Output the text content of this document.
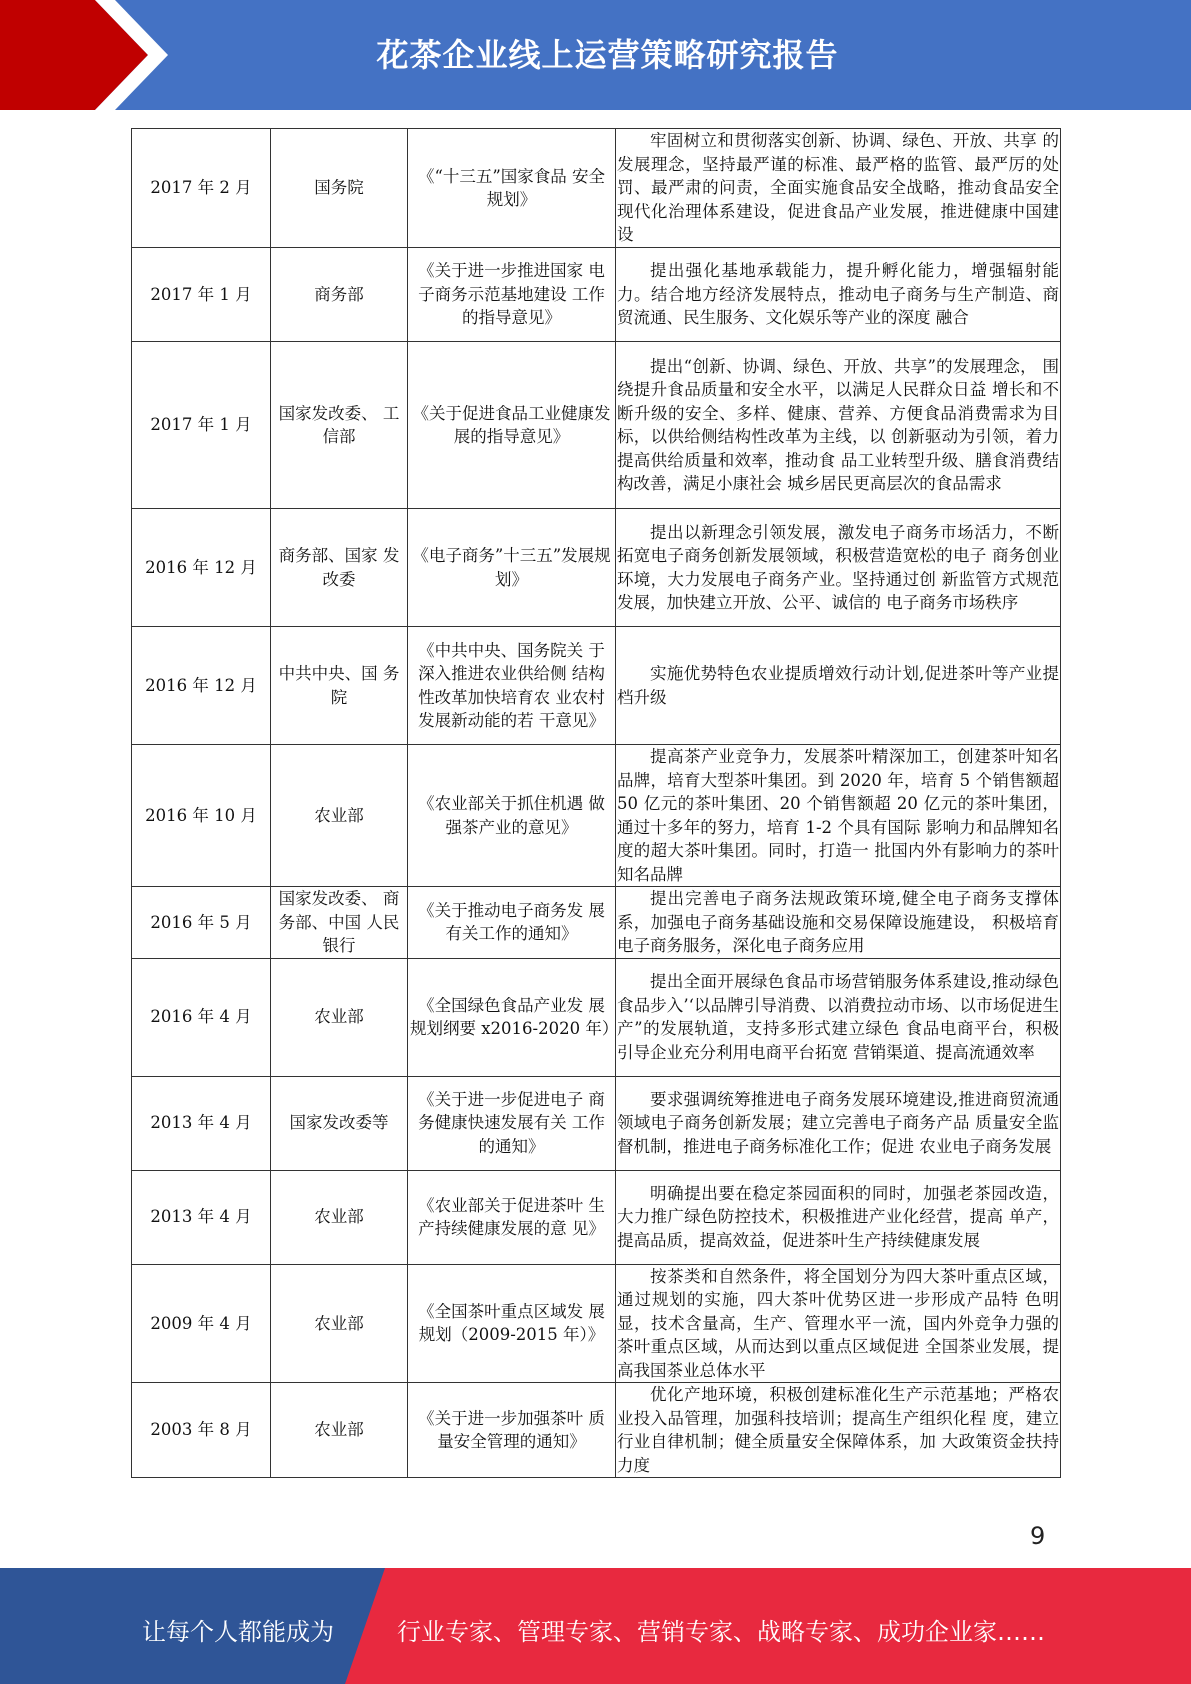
花茶企业线上运营策略研究报告
2017 年 2 月	国务院	《“十三五”国家食品 安全规划》	牢固树立和贯彻落实创新、协调、绿色、开放、共享 的发展理念，坚持最严谨的标准、最严格的监管、最严厉的处罚、最严肃的问责，全面实施食品安全战略，推动食品安全现代化治理体系建设，促进食品产业发展，推进健康中国建设
2017 年 1 月	商务部	《关于进一步推进国家 电子商务示范基地建设 工作的指导意见》	提出强化基地承载能力，提升孵化能力，增强辐射能 力。结合地方经济发展特点，推动电子商务与生产制造、商贸流通、民生服务、文化娱乐等产业的深度 融合
2017 年 1 月	国家发改委、 工信部	《关于促进食品工业健康发展的指导意见》	提出“创新、协调、绿色、开放、共享”的发展理念， 围绕提升食品质量和安全水平，以满足人民群众日益 增长和不断升级的安全、多样、健康、营养、方便食品消费需求为目标，以供给侧结构性改革为主线，以 创新驱动为引领，着力提高供给质量和效率，推动食 品工业转型升级、膳食消费结构改善，满足小康社会 城乡居民更高层次的食品需求
2016 年 12 月	商务部、国家 发改委	《电子商务”十三五”发展规划》	提出以新理念引领发展，激发电子商务市场活力，不断拓宽电子商务创新发展领域，积极营造宽松的电子 商务创业环境，大力发展电子商务产业。坚持通过创 新监管方式规范发展，加快建立开放、公平、诚信的 电子商务市场秩序
2016 年 12 月	中共中央、国 务院	《中共中央、国务院关 于深入推进农业供给侧 结构性改革加快培育农 业农村发展新动能的若 干意见》	实施优势特色农业提质增效行动计划,促进茶叶等产业提档升级
2016 年 10 月	农业部	《农业部关于抓住机遇 做强茶产业的意见》	提高茶产业竞争力，发展茶叶精深加工，创建茶叶知名品牌，培育大型茶叶集团。到 2020 年，培育 5 个销售额超 50 亿元的茶叶集团、20 个销售额超 20 亿元的茶叶集团，通过十多年的努力，培育 1-2 个具有国际 影响力和品牌知名度的超大茶叶集团。同时，打造一 批国内外有影响力的茶叶知名品牌
2016 年 5 月	国家发改委、 商务部、中国 人民银行	《关于推动电子商务发 展有关工作的通知》	提出完善电子商务法规政策环境,健全电子商务支撑体系，加强电子商务基础设施和交易保障设施建设， 积极培育电子商务服务，深化电子商务应用
2016 年 4 月	农业部	《全国绿色食品产业发 展规划纲要 x2016-2020 年）	提出全面开展绿色食品市场营销服务体系建设,推动绿色食品步入’‘以品牌引导消费、以消费拉动市场、以市场促进生产”的发展轨道，支持多形式建立绿色 食品电商平台，积极引导企业充分利用电商平台拓宽 营销渠道、提高流通效率
2013 年 4 月	国家发改委等	《关于进一步促进电子 商务健康快速发展有关 工作的通知》	要求强调统筹推进电子商务发展环境建设,推进商贸流通领域电子商务创新发展；建立完善电子商务产品 质量安全监督机制，推进电子商务标准化工作；促进 农业电子商务发展
2013 年 4 月	农业部	《农业部关于促进茶叶 生产持续健康发展的意 见》	明确提出要在稳定茶园面积的同时，加强老茶园改造， 大力推广绿色防控技术，积极推进产业化经营，提高 单产，提高品质，提高效益，促进茶叶生产持续健康发展
2009 年 4 月	农业部	《全国茶叶重点区域发 展规划（2009-2015 年）》	按茶类和自然条件，将全国划分为四大茶叶重点区域， 通过规划的实施，四大茶叶优势区进一步形成产品特 色明显，技术含量高，生产、管理水平一流，国内外竞争力强的茶叶重点区域，从而达到以重点区域促进 全国茶业发展，提高我国茶业总体水平
2003 年 8 月	农业部	《关于进一步加强茶叶 质量安全管理的通知》	优化产地环境，积极创建标准化生产示范基地；严格农业投入品管理，加强科技培训；提高生产组织化程 度，建立行业自律机制；健全质量安全保障体系，加 大政策资金扶持力度
9
让每个人都能成为	行业专家、管理专家、营销专家、战略专家、成功企业家……
